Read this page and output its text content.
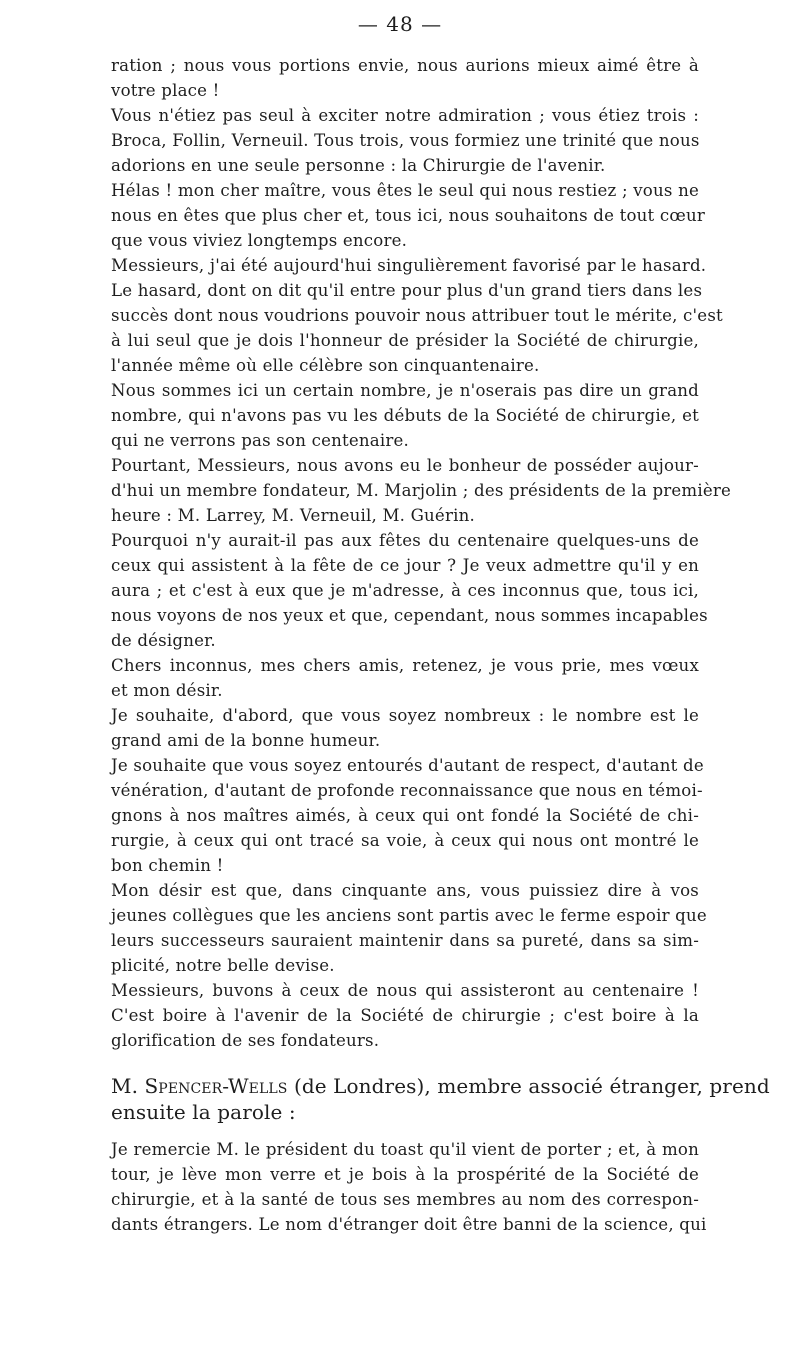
— 48 —
ration ; nous vous portions envie, nous aurions mieux aimé être à
votre place !
Vous n'étiez pas seul à exciter notre admiration ; vous étiez trois :
Broca, Follin, Verneuil. Tous trois, vous formiez une trinité que nous
adorions en une seule personne : la Chirurgie de l'avenir.
Hélas ! mon cher maître, vous êtes le seul qui nous restiez ; vous ne
nous en êtes que plus cher et, tous ici, nous souhaitons de tout cœur
que vous viviez longtemps encore.
Messieurs, j'ai été aujourd'hui singulièrement favorisé par le hasard.
Le hasard, dont on dit qu'il entre pour plus d'un grand tiers dans les
succès dont nous voudrions pouvoir nous attribuer tout le mérite, c'est
à lui seul que je dois l'honneur de présider la Société de chirurgie,
l'année même où elle célèbre son cinquantenaire.
Nous sommes ici un certain nombre, je n'oserais pas dire un grand
nombre, qui n'avons pas vu les débuts de la Société de chirurgie, et
qui ne verrons pas son centenaire.
Pourtant, Messieurs, nous avons eu le bonheur de posséder aujour-
d'hui un membre fondateur, M. Marjolin ; des présidents de la première
heure : M. Larrey, M. Verneuil, M. Guérin.
Pourquoi n'y aurait-il pas aux fêtes du centenaire quelques-uns de
ceux qui assistent à la fête de ce jour ? Je veux admettre qu'il y en
aura ; et c'est à eux que je m'adresse, à ces inconnus que, tous ici,
nous voyons de nos yeux et que, cependant, nous sommes incapables
de désigner.
Chers inconnus, mes chers amis, retenez, je vous prie, mes vœux
et mon désir.
Je souhaite, d'abord, que vous soyez nombreux : le nombre est le
grand ami de la bonne humeur.
Je souhaite que vous soyez entourés d'autant de respect, d'autant de
vénération, d'autant de profonde reconnaissance que nous en témoi-
gnons à nos maîtres aimés, à ceux qui ont fondé la Société de chi-
rurgie, à ceux qui ont tracé sa voie, à ceux qui nous ont montré le
bon chemin !
Mon désir est que, dans cinquante ans, vous puissiez dire à vos
jeunes collègues que les anciens sont partis avec le ferme espoir que
leurs successeurs sauraient maintenir dans sa pureté, dans sa sim-
plicité, notre belle devise.
Messieurs, buvons à ceux de nous qui assisteront au centenaire !
C'est boire à l'avenir de la Société de chirurgie ; c'est boire à la
glorification de ses fondateurs.
M. Spencer-Wells (de Londres), membre associé étranger, prend
ensuite la parole :
Je remercie M. le président du toast qu'il vient de porter ; et, à mon
tour, je lève mon verre et je bois à la prospérité de la Société de
chirurgie, et à la santé de tous ses membres au nom des correspon-
dants étrangers. Le nom d'étranger doit être banni de la science, qui
